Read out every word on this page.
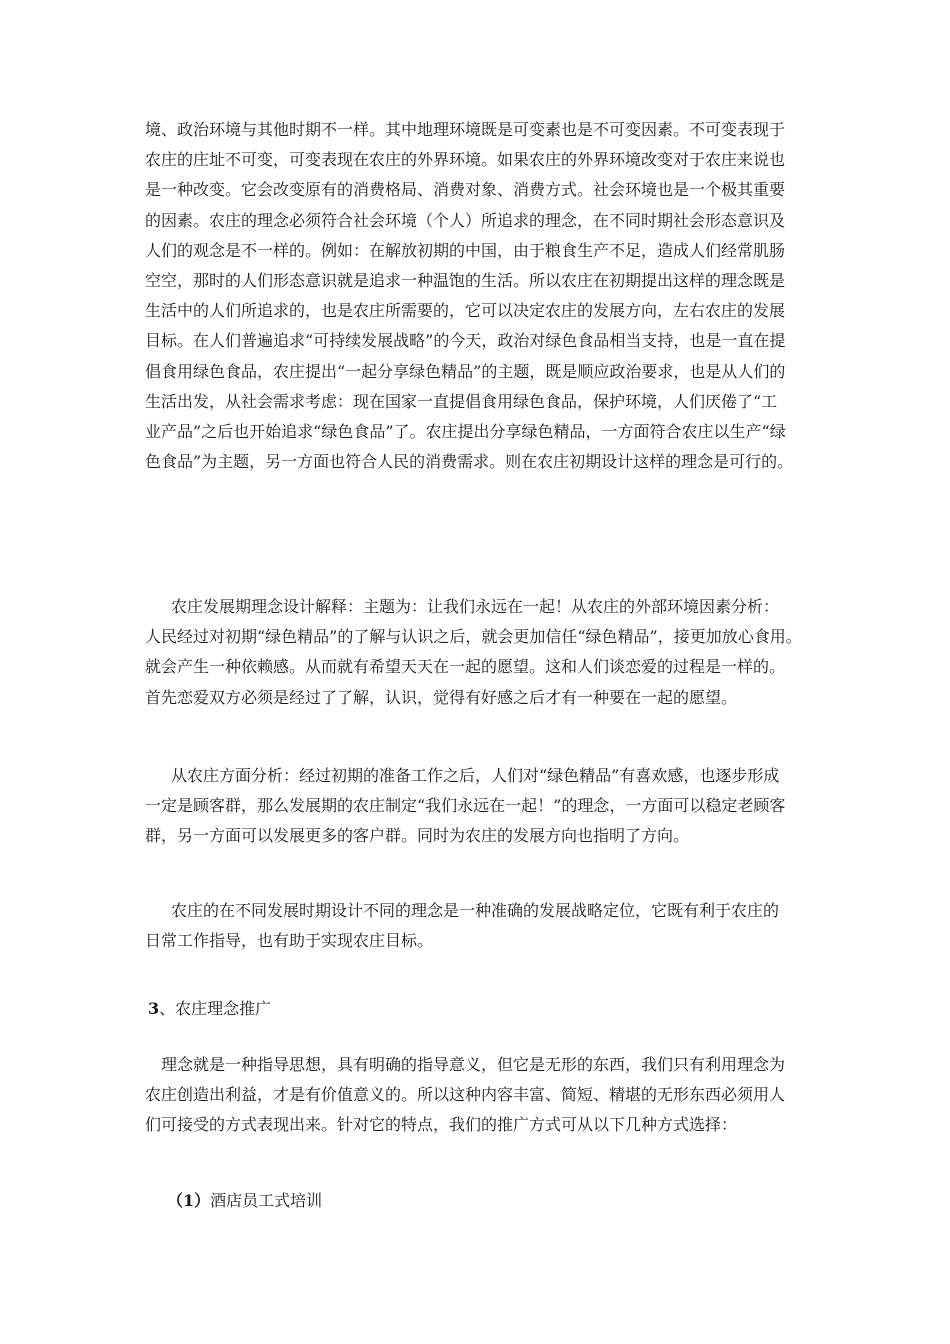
境、政治环境与其他时期不一样。其中地理环境既是可变素也是不可变因素。不可变表现于
农庄的庄址不可变，可变表现在农庄的外界环境。如果农庄的外界环境改变对于农庄来说也
是一种改变。它会改变原有的消费格局、消费对象、消费方式。社会环境也是一个极其重要
的因素。农庄的理念必须符合社会环境（个人）所追求的理念，在不同时期社会形态意识及
人们的观念是不一样的。例如：在解放初期的中国，由于粮食生产不足，造成人们经常肌肠
空空，那时的人们形态意识就是追求一种温饱的生活。所以农庄在初期提出这样的理念既是
生活中的人们所追求的，也是农庄所需要的，它可以决定农庄的发展方向，左右农庄的发展
目标。在人们普遍追求“可持续发展战略”的今天，政治对绿色食品相当支持，也是一直在提
倡食用绿色食品，农庄提出“一起分享绿色精品”的主题，既是顺应政治要求，也是从人们的
生活出发，从社会需求考虑：现在国家一直提倡食用绿色食品，保护环境，人们厌倦了“工
业产品”之后也开始追求“绿色食品”了。农庄提出分享绿色精品，一方面符合农庄以生产“绿
色食品”为主题，另一方面也符合人民的消费需求。则在农庄初期设计这样的理念是可行的。
农庄发展期理念设计解释：主题为：让我们永远在一起！从农庄的外部环境因素分析：
人民经过对初期“绿色精品”的了解与认识之后，就会更加信任“绿色精品”，接更加放心食用。
就会产生一种依赖感。从而就有希望天天在一起的愿望。这和人们谈恋爱的过程是一样的。
首先恋爱双方必须是经过了了解，认识，觉得有好感之后才有一种要在一起的愿望。
从农庄方面分析：经过初期的准备工作之后，人们对“绿色精品”有喜欢感，也逐步形成
一定是顾客群，那么发展期的农庄制定“我们永远在一起！”的理念，一方面可以稳定老顾客
群，另一方面可以发展更多的客户群。同时为农庄的发展方向也指明了方向。
农庄的在不同发展时期设计不同的理念是一种准确的发展战略定位，它既有利于农庄的
日常工作指导，也有助于实现农庄目标。
3、农庄理念推广
理念就是一种指导思想，具有明确的指导意义，但它是无形的东西，我们只有利用理念为
农庄创造出利益，才是有价值意义的。所以这种内容丰富、简短、精堪的无形东西必须用人
们可接受的方式表现出来。针对它的特点，我们的推广方式可从以下几种方式选择：
（1）酒店员工式培训
